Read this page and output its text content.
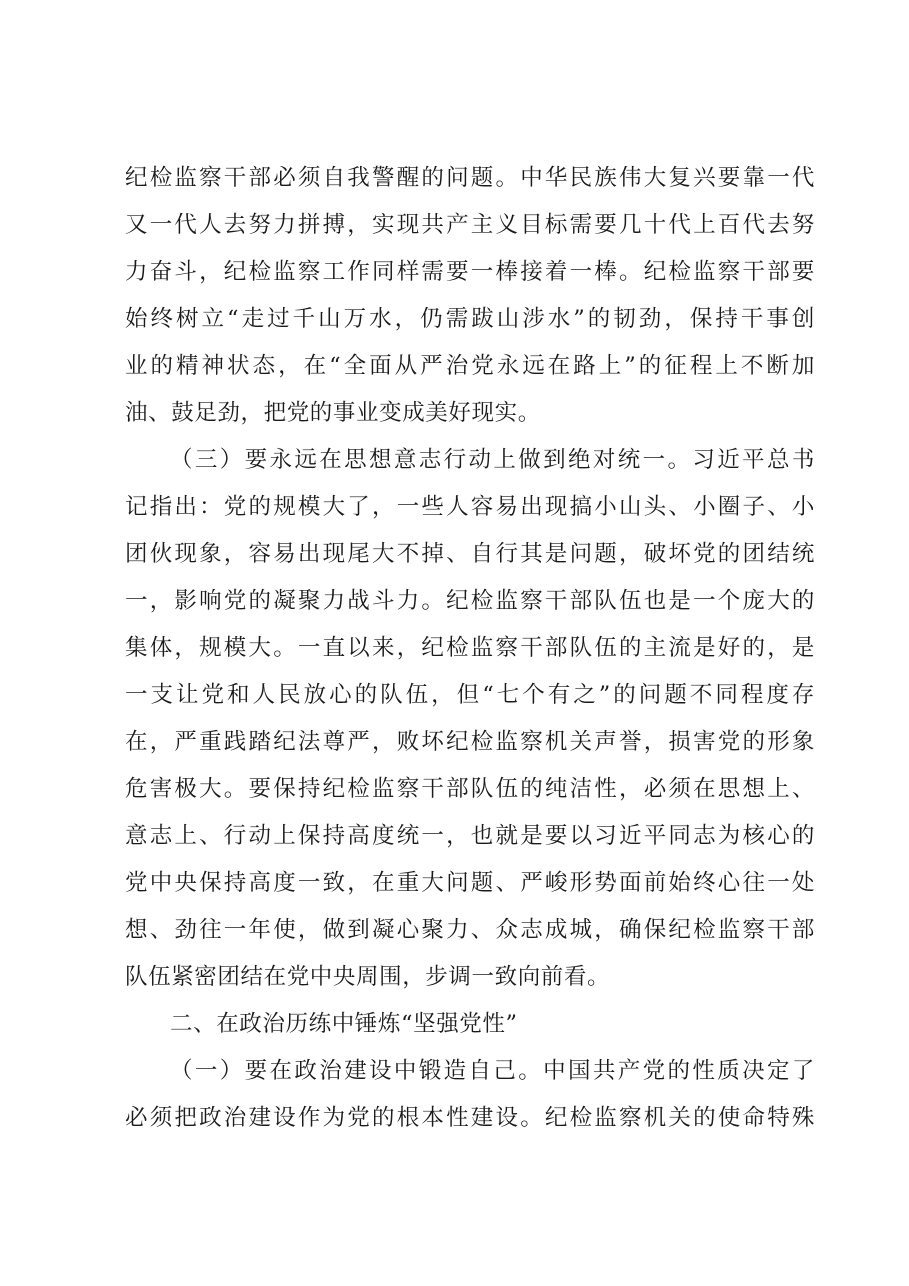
纪检监察干部必须自我警醒的问题。中华民族伟大复兴要靠一代
又一代人去努力拼搏，实现共产主义目标需要几十代上百代去努
力奋斗，纪检监察工作同样需要一棒接着一棒。纪检监察干部要
始终树立“走过千山万水，仍需跋山涉水”的韧劲，保持干事创
业的精神状态，在“全面从严治党永远在路上”的征程上不断加
油、鼓足劲，把党的事业变成美好现实。
（三）要永远在思想意志行动上做到绝对统一。习近平总书
记指出：党的规模大了，一些人容易出现搞小山头、小圈子、小
团伙现象，容易出现尾大不掉、自行其是问题，破坏党的团结统
一，影响党的凝聚力战斗力。纪检监察干部队伍也是一个庞大的
集体，规模大。一直以来，纪检监察干部队伍的主流是好的，是
一支让党和人民放心的队伍，但“七个有之”的问题不同程度存
在，严重践踏纪法尊严，败坏纪检监察机关声誉，损害党的形象
危害极大。要保持纪检监察干部队伍的纯洁性，必须在思想上、
意志上、行动上保持高度统一，也就是要以习近平同志为核心的
党中央保持高度一致，在重大问题、严峻形势面前始终心往一处
想、劲往一年使，做到凝心聚力、众志成城，确保纪检监察干部
队伍紧密团结在党中央周围，步调一致向前看。
二、在政治历练中锤炼“坚强党性”
（一）要在政治建设中锻造自己。中国共产党的性质决定了
必须把政治建设作为党的根本性建设。纪检监察机关的使命特殊
